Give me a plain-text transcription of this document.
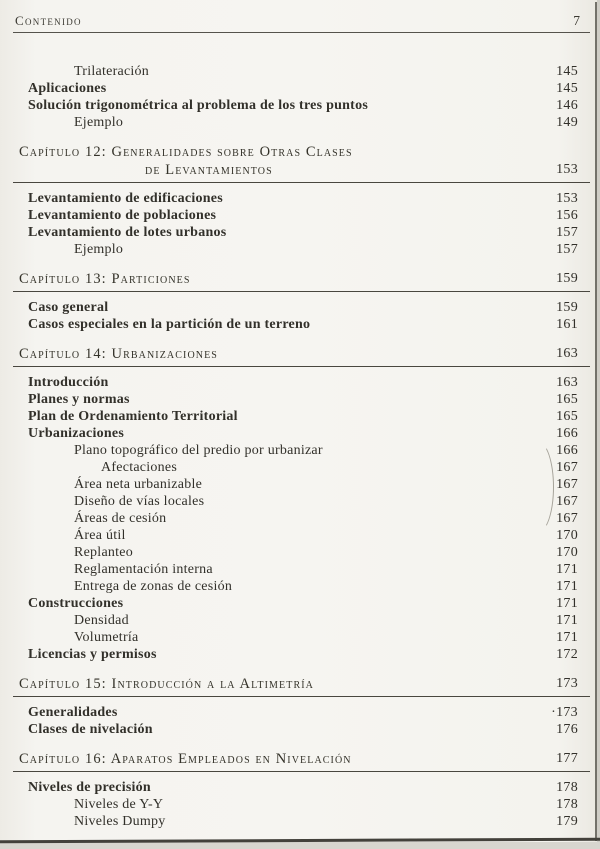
Contenido	7
Trilateración	145
Aplicaciones	145
Solución trigonométrica al problema de los tres puntos	146
Ejemplo	149
Capítulo 12: Generalidades sobre Otras Clases
de Levantamientos	153
Levantamiento de edificaciones	153
Levantamiento de poblaciones	156
Levantamiento de lotes urbanos	157
Ejemplo	157
Capítulo 13: Particiones	159
Caso general	159
Casos especiales en la partición de un terreno	161
Capítulo 14: Urbanizaciones	163
Introducción	163
Planes y normas	165
Plan de Ordenamiento Territorial	165
Urbanizaciones	166
Plano topográfico del predio por urbanizar	166
Afectaciones	167
Área neta urbanizable	167
Diseño de vías locales	167
Áreas de cesión	167
Área útil	170
Replanteo	170
Reglamentación interna	171
Entrega de zonas de cesión	171
Construcciones	171
Densidad	171
Volumetría	171
Licencias y permisos	172
Capítulo 15: Introducción a la Altimetría	173
Generalidades	·173
Clases de nivelación	176
Capítulo 16: Aparatos Empleados en Nivelación	177
Niveles de precisión	178
Niveles de Y-Y	178
Niveles Dumpy	179
